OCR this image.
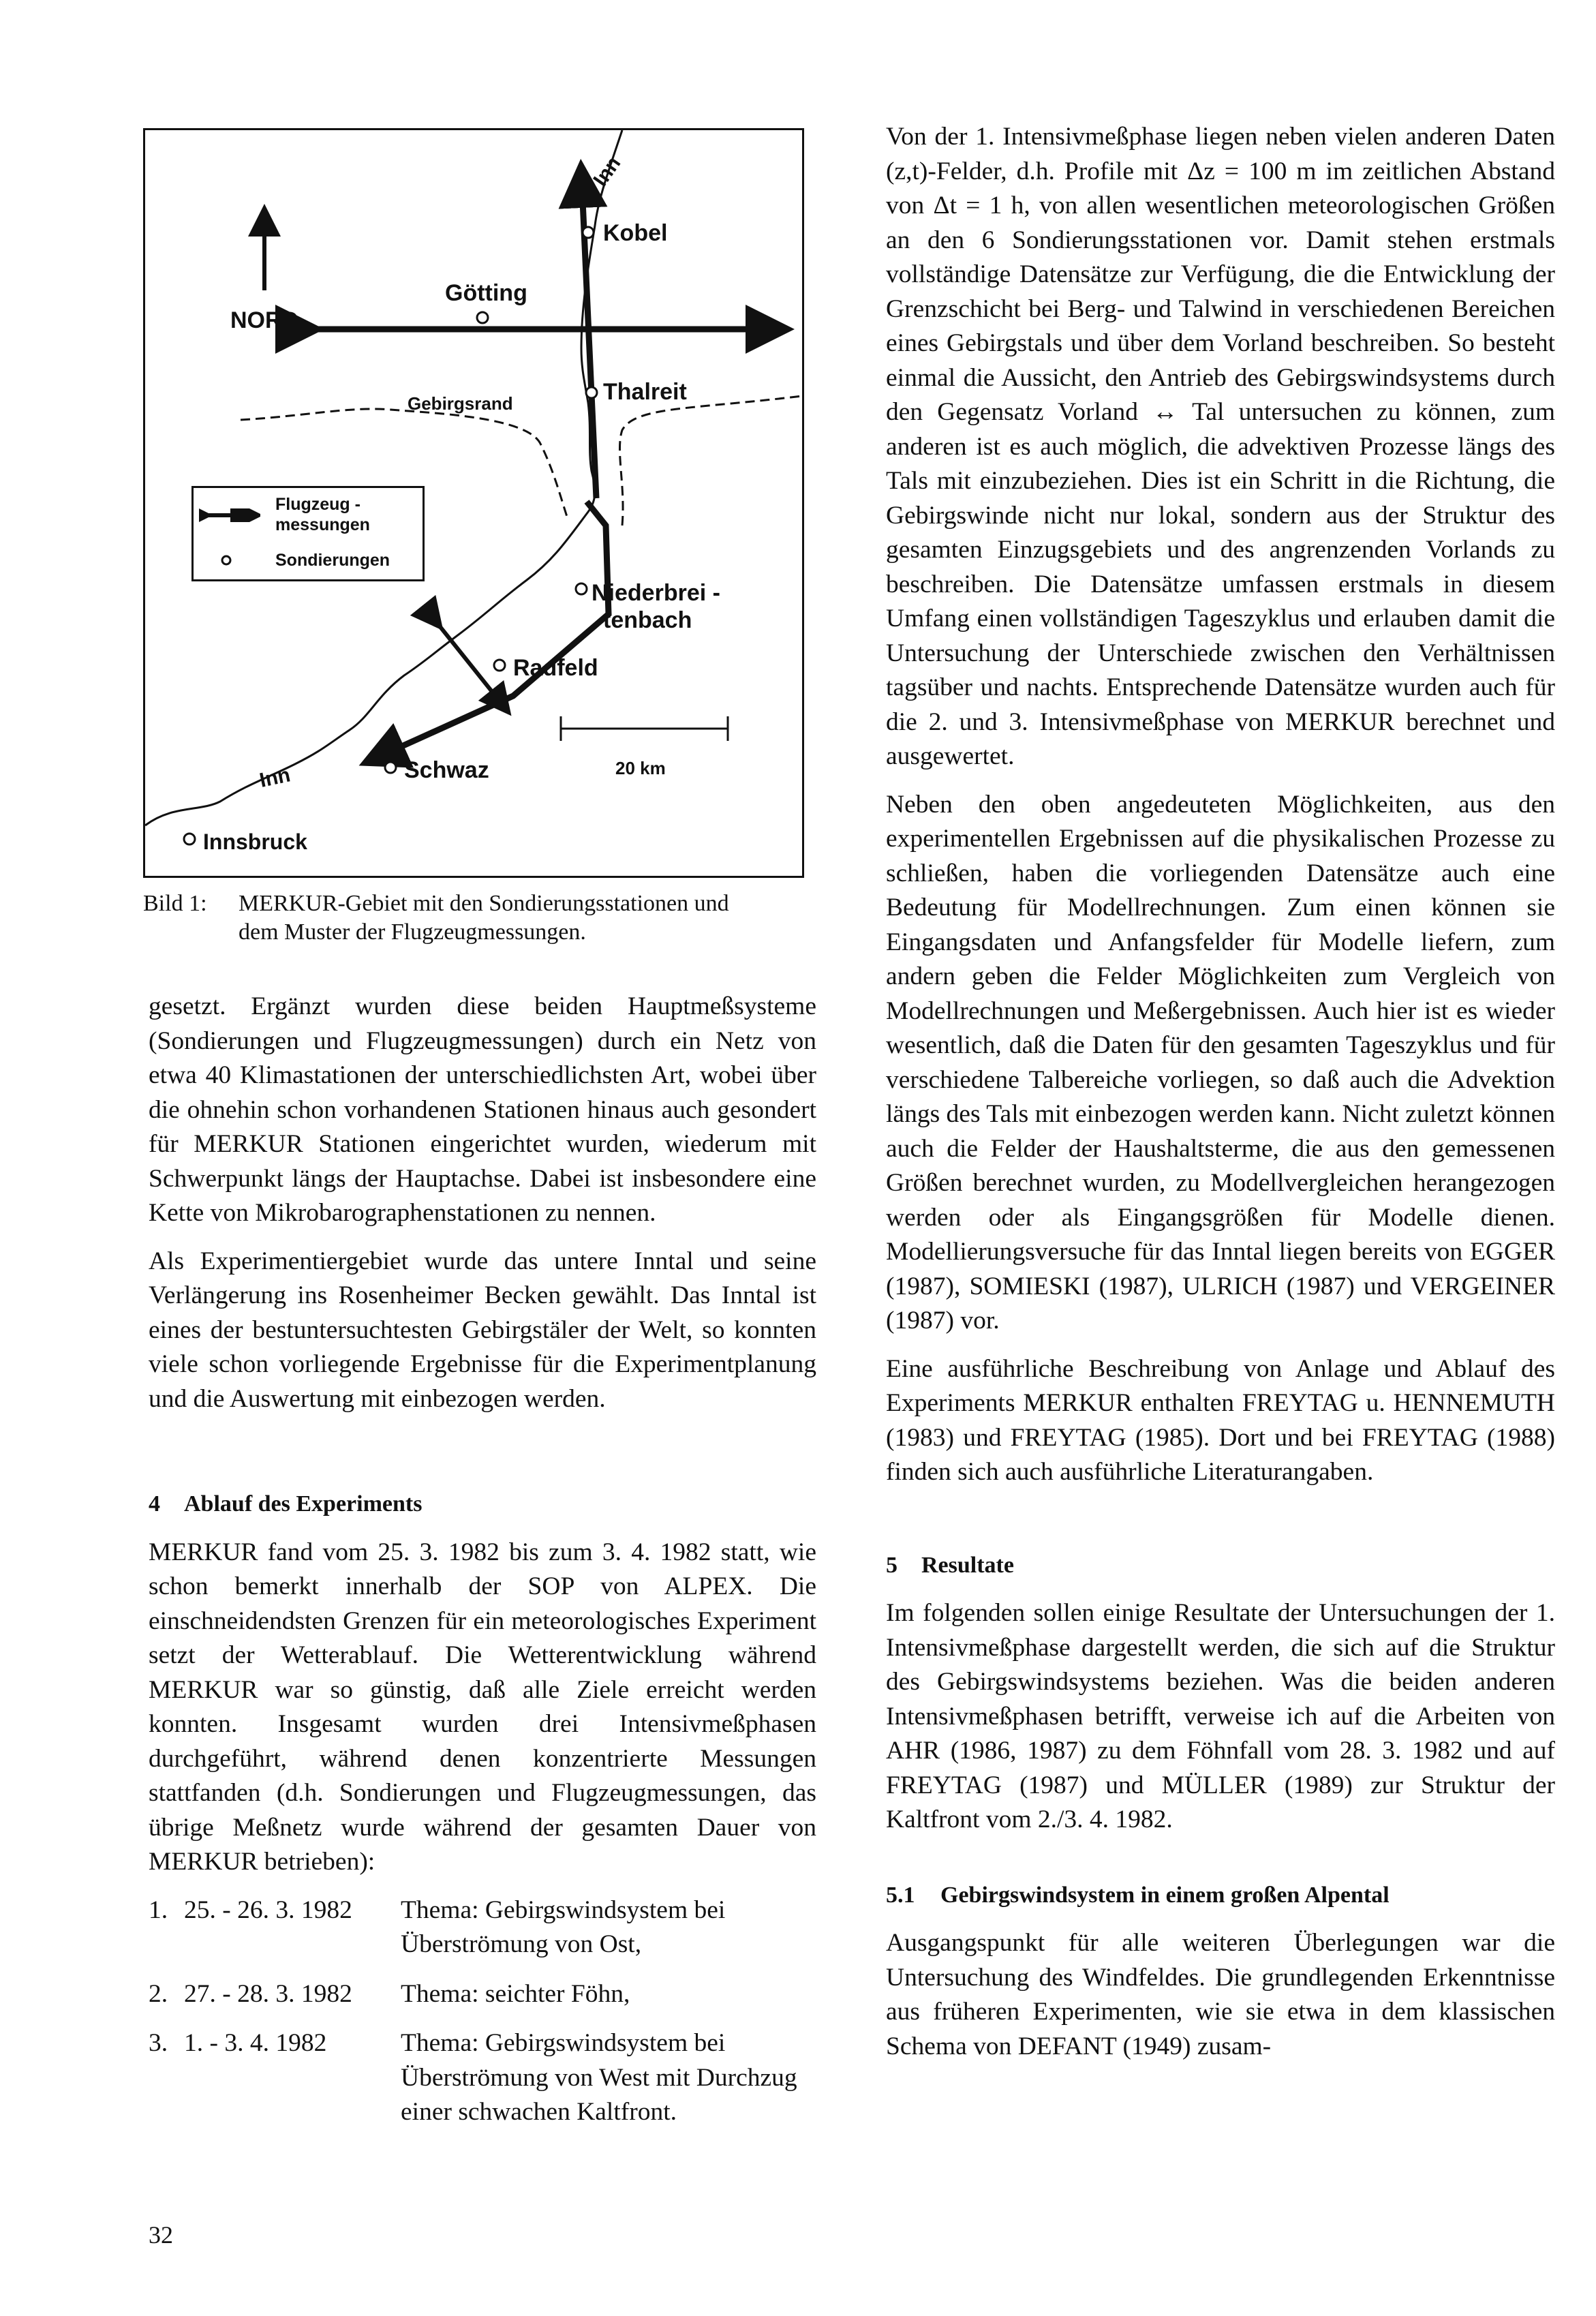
NORD
Kobel
Götting
Thalreit
Gebirgsrand
Niederbrei -
tenbach
Radfeld
Schwaz
Innsbruck
Inn
Inn	20 km
Flugzeug -
messungen
Sondierungen
Bild 1: MERKUR-Gebiet mit den Sondierungsstationen und
dem Muster der Flugzeugmessungen.

gesetzt. Ergänzt wurden diese beiden Hauptmeßsysteme (Sondierungen und Flugzeugmessungen) durch ein Netz von etwa 40 Klimastationen der unterschiedlichsten Art, wobei über die ohnehin schon vorhandenen Stationen hinaus auch gesondert für MERKUR Stationen eingerichtet wurden, wiederum mit Schwerpunkt längs der Hauptachse. Dabei ist insbesondere eine Kette von Mikrobarographenstationen zu nennen.

Als Experimentiergebiet wurde das untere Inntal und seine Verlängerung ins Rosenheimer Becken gewählt. Das Inntal ist eines der bestuntersuchtesten Gebirgstäler der Welt, so konnten viele schon vorliegende Ergebnisse für die Experimentplanung und die Auswertung mit einbezogen werden.

4 Ablauf des Experiments

MERKUR fand vom 25. 3. 1982 bis zum 3. 4. 1982 statt, wie schon bemerkt innerhalb der SOP von ALPEX. Die einschneidendsten Grenzen für ein meteorologisches Experiment setzt der Wetterablauf. Die Wetterentwicklung während MERKUR war so günstig, daß alle Ziele erreicht werden konnten. Insgesamt wurden drei Intensivmeßphasen durchgeführt, während denen konzentrierte Messungen stattfanden (d.h. Sondierungen und Flugzeugmessungen, das übrige Meßnetz wurde während der gesamten Dauer von MERKUR betrieben):

1. 25. - 26. 3. 1982	Thema: Gebirgswindsystem bei Überströmung von Ost,
2. 27. - 28. 3. 1982	Thema: seichter Föhn,
3. 1. - 3. 4. 1982	Thema: Gebirgswindsystem bei Überströmung von West mit Durchzug einer schwachen Kaltfront.

Von der 1. Intensivmeßphase liegen neben vielen anderen Daten (z,t)-Felder, d.h. Profile mit Δz = 100 m im zeitlichen Abstand von Δt = 1 h, von allen wesentlichen meteorologischen Größen an den 6 Sondierungsstationen vor. Damit stehen erstmals vollständige Datensätze zur Verfügung, die die Entwicklung der Grenzschicht bei Berg- und Talwind in verschiedenen Bereichen eines Gebirgstals und über dem Vorland beschreiben. So besteht einmal die Aussicht, den Antrieb des Gebirgswindsystems durch den Gegensatz Vorland ↔ Tal untersuchen zu können, zum anderen ist es auch möglich, die advektiven Prozesse längs des Tals mit einzubeziehen. Dies ist ein Schritt in die Richtung, die Gebirgswinde nicht nur lokal, sondern aus der Struktur des gesamten Einzugsgebiets und des angrenzenden Vorlands zu beschreiben. Die Datensätze umfassen erstmals in diesem Umfang einen vollständigen Tageszyklus und erlauben damit die Untersuchung der Unterschiede zwischen den Verhältnissen tagsüber und nachts. Entsprechende Datensätze wurden auch für die 2. und 3. Intensivmeßphase von MERKUR berechnet und ausgewertet.

Neben den oben angedeuteten Möglichkeiten, aus den experimentellen Ergebnissen auf die physikalischen Prozesse zu schließen, haben die vorliegenden Datensätze auch eine Bedeutung für Modellrechnungen. Zum einen können sie Eingangsdaten und Anfangsfelder für Modelle liefern, zum andern geben die Felder Möglichkeiten zum Vergleich von Modellrechnungen und Meßergebnissen. Auch hier ist es wieder wesentlich, daß die Daten für den gesamten Tageszyklus und für verschiedene Talbereiche vorliegen, so daß auch die Advektion längs des Tals mit einbezogen werden kann. Nicht zuletzt können auch die Felder der Haushaltsterme, die aus den gemessenen Größen berechnet wurden, zu Modellvergleichen herangezogen werden oder als Eingangsgrößen für Modelle dienen. Modellierungsversuche für das Inntal liegen bereits von EGGER (1987), SOMIESKI (1987), ULRICH (1987) und VERGEINER (1987) vor.

Eine ausführliche Beschreibung von Anlage und Ablauf des Experiments MERKUR enthalten FREYTAG u. HENNEMUTH (1983) und FREYTAG (1985). Dort und bei FREYTAG (1988) finden sich auch ausführliche Literaturangaben.

5 Resultate

Im folgenden sollen einige Resultate der Untersuchungen der 1. Intensivmeßphase dargestellt werden, die sich auf die Struktur des Gebirgswindsystems beziehen. Was die beiden anderen Intensivmeßphasen betrifft, verweise ich auf die Arbeiten von AHR (1986, 1987) zu dem Föhnfall vom 28. 3. 1982 und auf FREYTAG (1987) und MÜLLER (1989) zur Struktur der Kaltfront vom 2./3. 4. 1982.

5.1 Gebirgswindsystem in einem großen Alpental

Ausgangspunkt für alle weiteren Überlegungen war die Untersuchung des Windfeldes. Die grundlegenden Erkenntnisse aus früheren Experimenten, wie sie etwa in dem klassischen Schema von DEFANT (1949) zusam-

32
